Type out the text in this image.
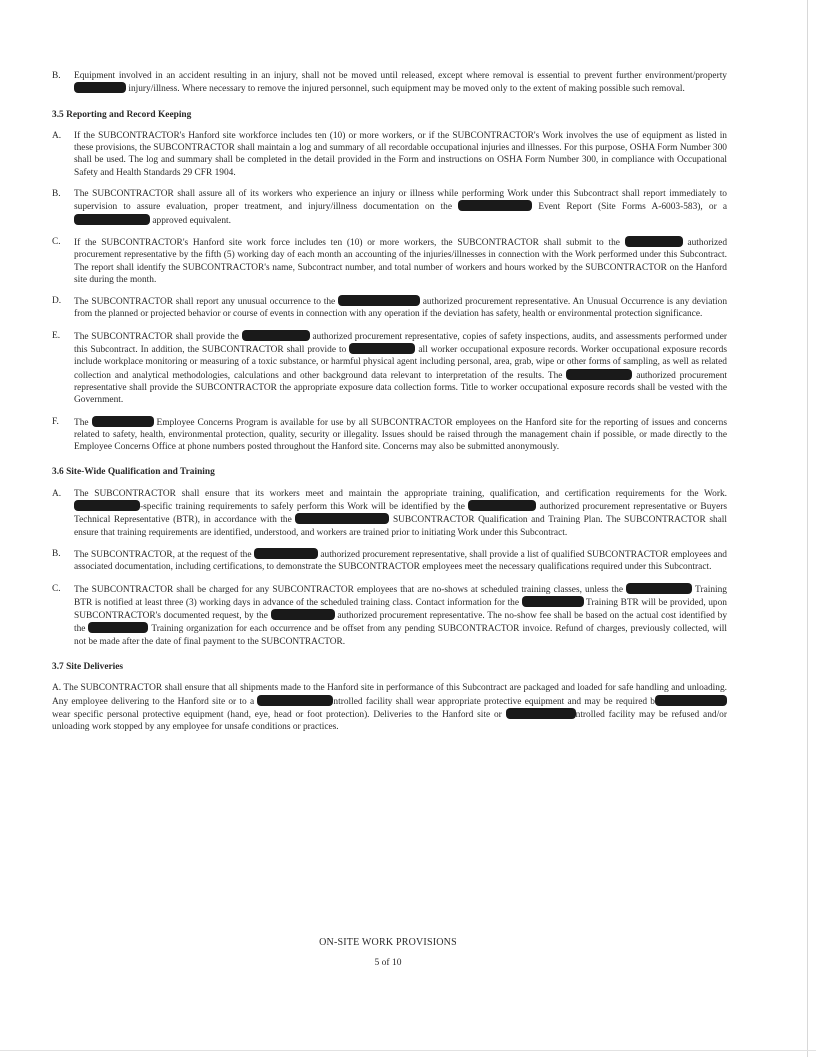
B.	Equipment involved in an accident resulting in an injury, shall not be moved until released, except where removal is essential to prevent further environment/property  injury/illness. Where necessary to remove the injured personnel, such equipment may be moved only to the extent of making possible such removal.
3.5 Reporting and Record Keeping
A.	If the SUBCONTRACTOR's Hanford site workforce includes ten (10) or more workers, or if the SUBCONTRACTOR's Work involves the use of equipment as listed in these provisions, the SUBCONTRACTOR shall maintain a log and summary of all recordable occupational injuries and illnesses. For this purpose, OSHA Form Number 300 shall be used. The log and summary shall be completed in the detail provided in the Form and instructions on OSHA Form Number 300, in compliance with Occupational Safety and Health Standards 29 CFR 1904.
B.	The SUBCONTRACTOR shall assure all of its workers who experience an injury or illness while performing Work under this Subcontract shall report immediately to supervision to assure evaluation, proper treatment, and injury/illness documentation on the	Event Report (Site Forms A-6003-583), or a  approved equivalent.
C.	If the SUBCONTRACTOR's Hanford site work force includes ten (10) or more workers, the SUBCONTRACTOR shall submit to the	authorized procurement representative by the fifth (5) working day of each month an accounting of the injuries/illnesses in connection with the Work performed under this Subcontract. The report shall identify the SUBCONTRACTOR's name, Subcontract number, and total number of workers and hours worked by the SUBCONTRACTOR on the Hanford site during the month.
D.	The SUBCONTRACTOR shall report any unusual occurrence to the	authorized procurement representative. An Unusual Occurrence is any deviation from the planned or projected behavior or course of events in connection with any operation if the deviation has safety, health or environmental protection significance.
E.	The SUBCONTRACTOR shall provide the	authorized procurement representative, copies of safety inspections, audits, and assessments performed under this Subcontract. In addition, the SUBCONTRACTOR shall provide to	all worker occupational exposure records. Worker occupational exposure records include workplace monitoring or measuring of a toxic substance, or harmful physical agent including personal, area, grab, wipe or other forms of sampling, as well as related collection and analytical methodologies, calculations and other background data relevant to interpretation of the results. The	authorized procurement representative shall provide the SUBCONTRACTOR the appropriate exposure data collection forms. Title to worker occupational exposure records shall be vested with the Government.
F.	The	Employee Concerns Program is available for use by all SUBCONTRACTOR employees on the Hanford site for the reporting of issues and concerns related to safety, health, environmental protection, quality, security or illegality. Issues should be raised through the management chain if possible, or made directly to the Employee Concerns Office at phone numbers posted throughout the Hanford site. Concerns may also be submitted anonymously.
3.6 Site-Wide Qualification and Training
A.	The SUBCONTRACTOR shall ensure that its workers meet and maintain the appropriate training, qualification, and certification requirements for the Work. -specific training requirements to safely perform this Work will be identified by the	authorized procurement representative or Buyers Technical Representative (BTR), in accordance with the	SUBCONTRACTOR Qualification and Training Plan. The SUBCONTRACTOR shall ensure that training requirements are identified, understood, and workers are trained prior to initiating Work under this Subcontract.
B.	The SUBCONTRACTOR, at the request of the	authorized procurement representative, shall provide a list of qualified SUBCONTRACTOR employees and associated documentation, including certifications, to demonstrate the SUBCONTRACTOR employees meet the necessary qualifications required under this Subcontract.
C.	The SUBCONTRACTOR shall be charged for any SUBCONTRACTOR employees that are no-shows at scheduled training classes, unless the	Training BTR is notified at least three (3) working days in advance of the scheduled training class. Contact information for the	Training BTR will be provided, upon SUBCONTRACTOR's documented request, by the	authorized procurement representative. The no-show fee shall be based on the actual cost identified by the	Training organization for each occurrence and be offset from any pending SUBCONTRACTOR invoice. Refund of charges, previously collected, will not be made after the date of final payment to the SUBCONTRACTOR.
3.7 Site Deliveries
A. The SUBCONTRACTOR shall ensure that all shipments made to the Hanford site in performance of this Subcontract are packaged and loaded for safe handling and unloading. Any employee delivering to the Hanford site or to a	ntrolled facility shall wear appropriate protective equipment and may be required b wear specific personal protective equipment (hand, eye, head or foot protection). Deliveries to the Hanford site or	ntrolled facility may be refused and/or unloading work stopped by any employee for unsafe conditions or practices.
ON-SITE WORK PROVISIONS
5 of 10
